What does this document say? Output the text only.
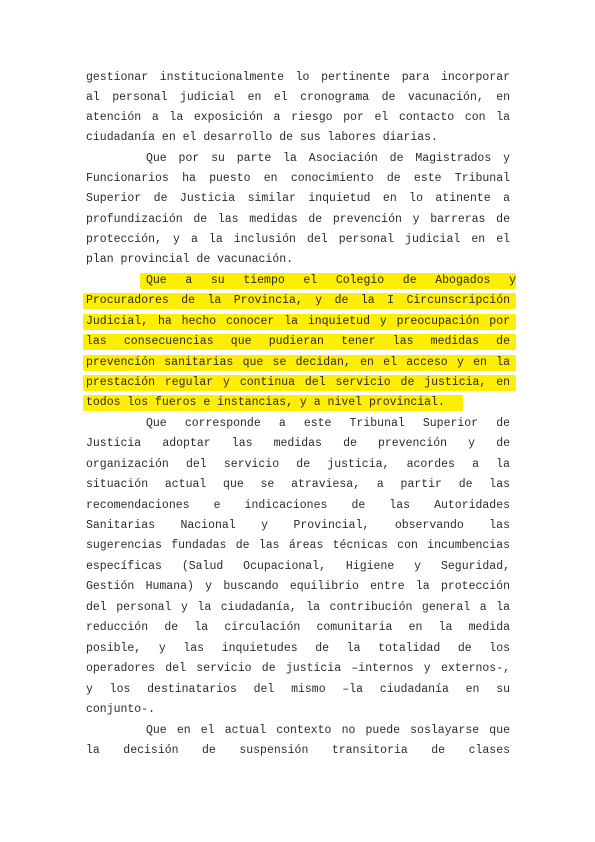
gestionar institucionalmente lo pertinente para incorporar
al personal judicial en el cronograma de vacunación, en
atención a la exposición a riesgo por el contacto con la
ciudadanía en el desarrollo de sus labores diarias.
Que por su parte la Asociación de Magistrados y
Funcionarios ha puesto en conocimiento de este Tribunal
Superior de Justicia similar inquietud en lo atinente a
profundización de las medidas de prevención y barreras de
protección, y a la inclusión del personal judicial en el
plan provincial de vacunación.
Que a su tiempo el Colegio de Abogados y
Procuradores de la Provincia, y de la I Circunscripción
Judicial, ha hecho conocer la inquietud y preocupación por
las consecuencias que pudieran tener las medidas de
prevención sanitarias que se decidan, en el acceso y en la
prestación regular y continua del servicio de justicia, en
todos los fueros e instancias, y a nivel provincial.
Que corresponde a este Tribunal Superior de
Justicia adoptar las medidas de prevención y de
organización del servicio de justicia, acordes a la
situación actual que se atraviesa, a partir de las
recomendaciones e indicaciones de las Autoridades
Sanitarias Nacional y Provincial, observando las
sugerencias fundadas de las áreas técnicas con incumbencias
específicas (Salud Ocupacional, Higiene y Seguridad,
Gestión Humana) y buscando equilibrio entre la protección
del personal y la ciudadanía, la contribución general a la
reducción de la circulación comunitaria en la medida
posible, y las inquietudes de la totalidad de los
operadores del servicio de justicia –internos y externos-,
y los destinatarios del mismo –la ciudadanía en su
conjunto-.
Que en el actual contexto no puede soslayarse que
la decisión de suspensión transitoria de clases
